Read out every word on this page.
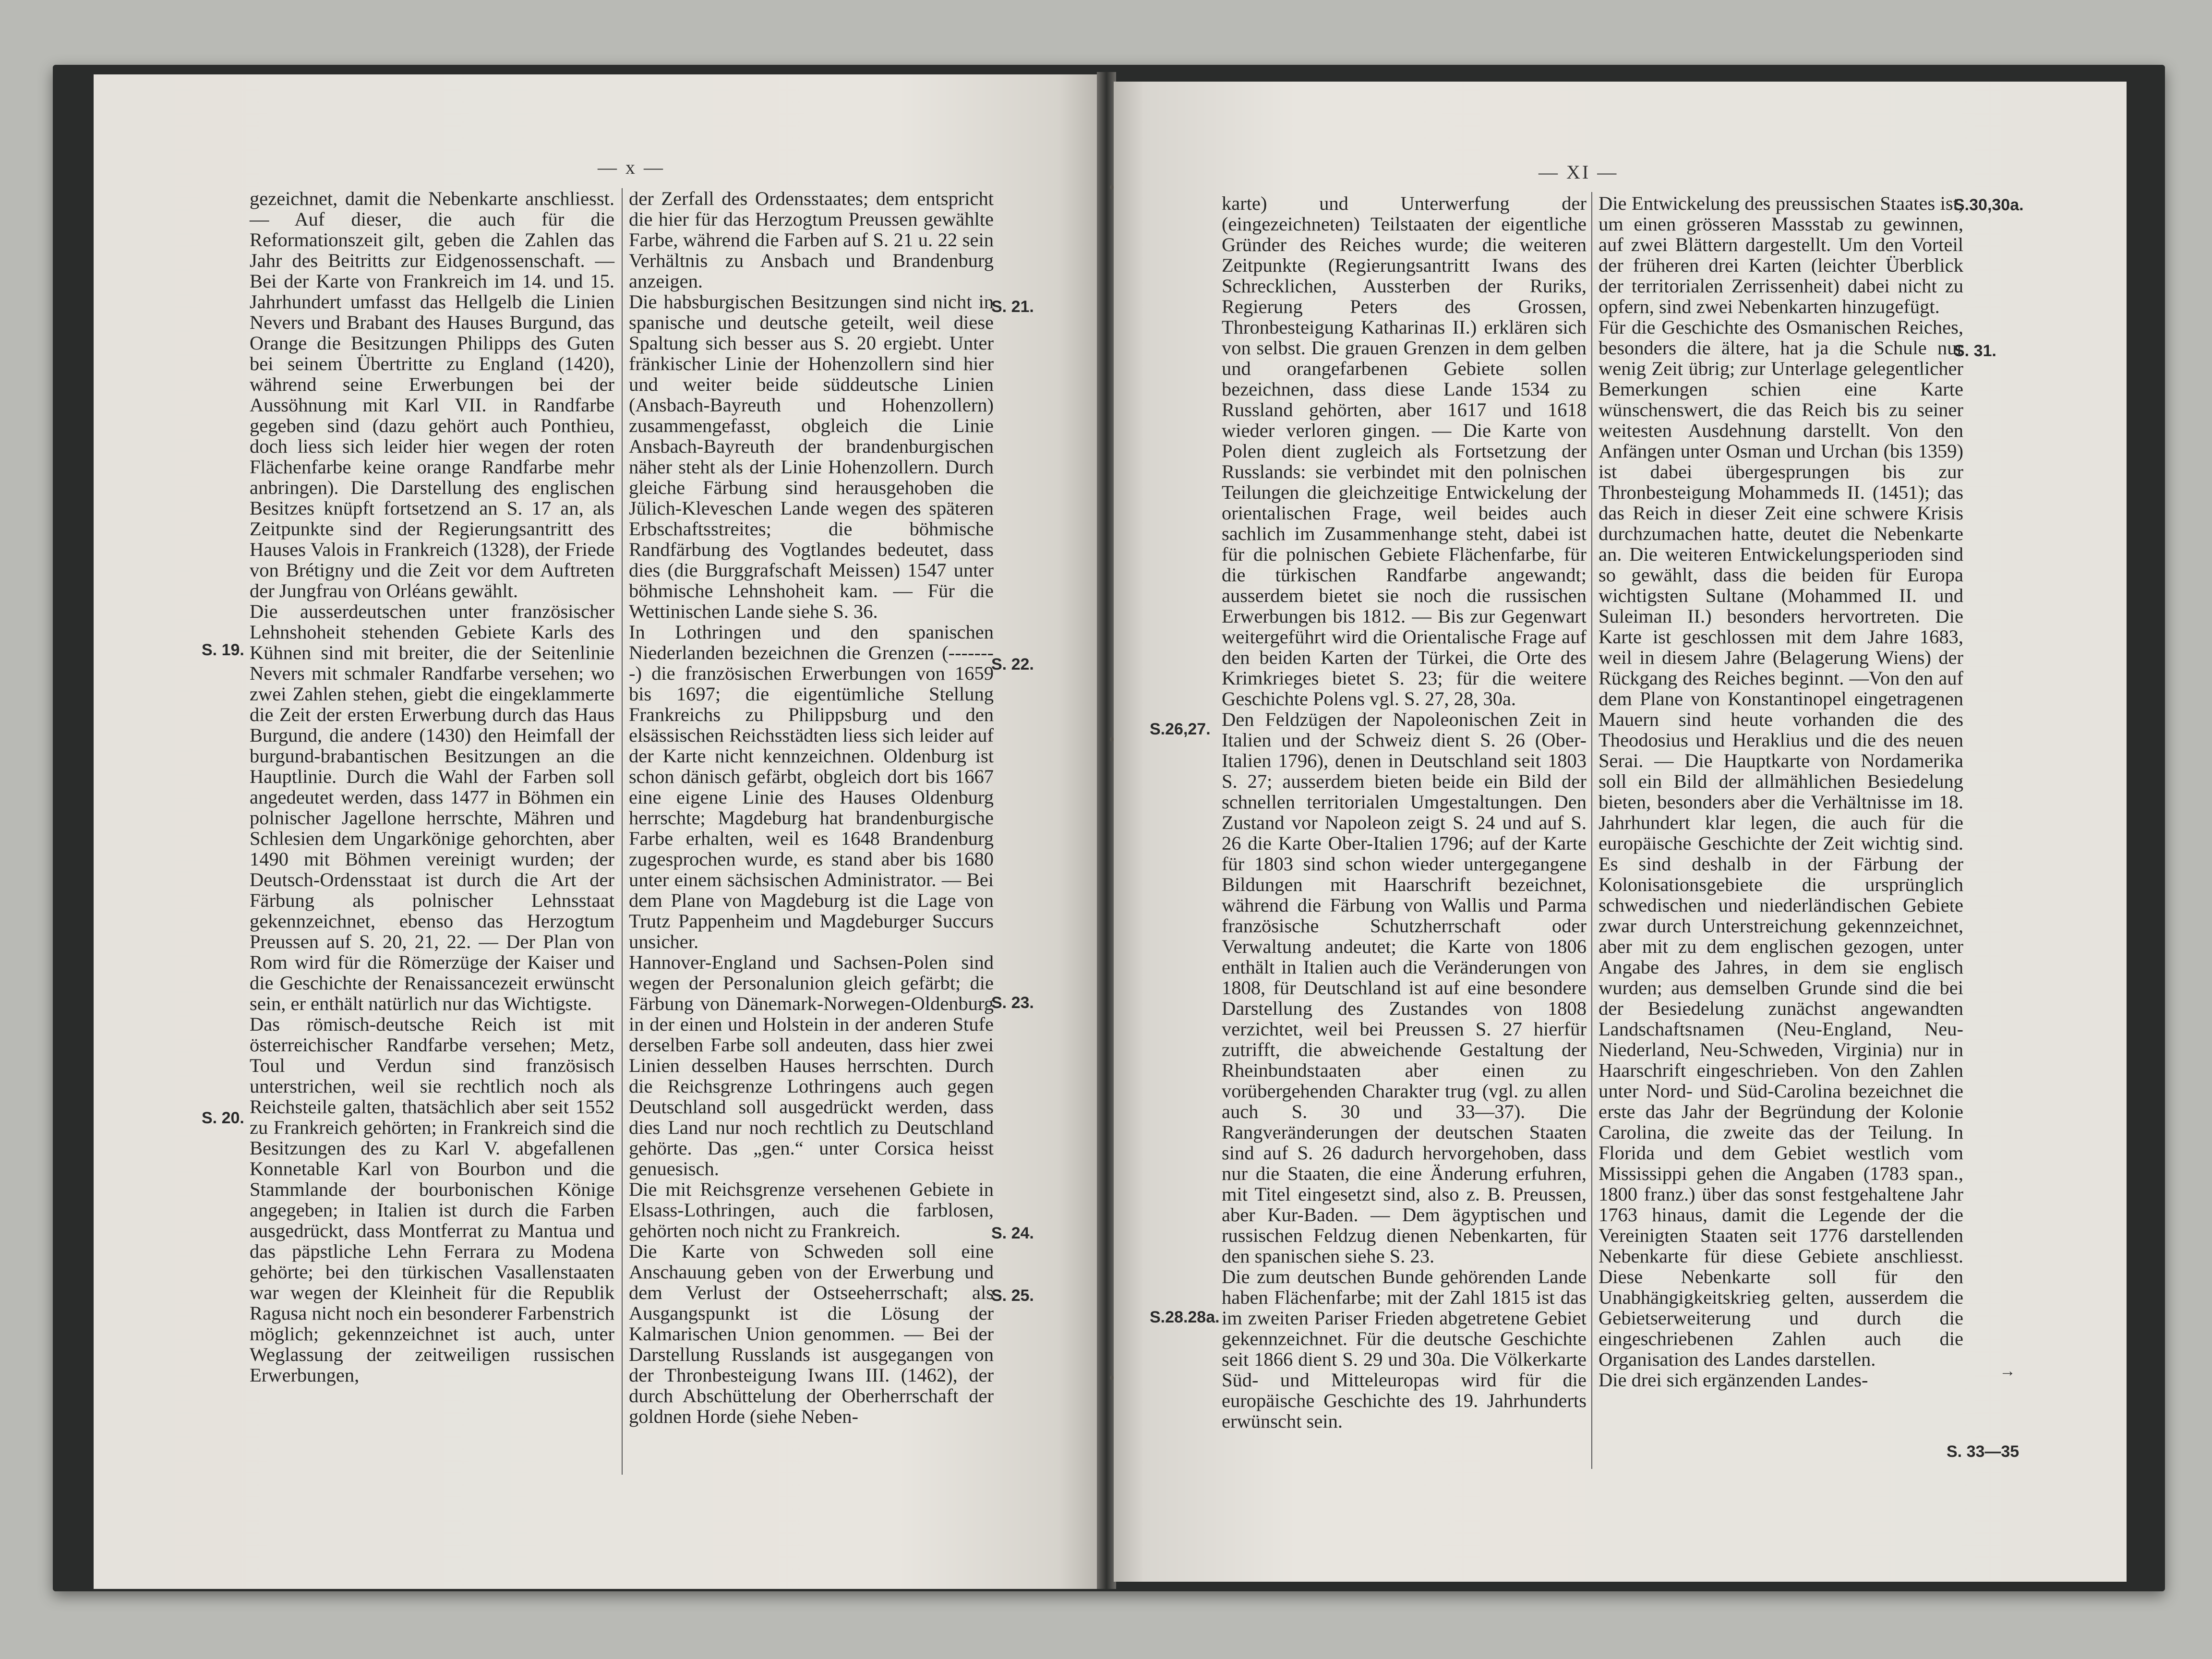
— x —	— XI —
gezeichnet, damit die Nebenkarte anschliesst. — Auf dieser, die auch für die Reformationszeit gilt, geben die Zahlen das Jahr des Beitritts zur Eidgenossenschaft. — Bei der Karte von Frankreich im 14. und 15. Jahrhundert umfasst das Hellgelb die Linien Nevers und Brabant des Hauses Burgund, das Orange die Besitzungen Philipps des Guten bei seinem Übertritte zu England (1420), während seine Erwerbungen bei der Aussöhnung mit Karl VII. in Randfarbe gegeben sind (dazu gehört auch Ponthieu, doch liess sich leider hier wegen der roten Flächenfarbe keine orange Randfarbe mehr anbringen). Die Darstellung des englischen Besitzes knüpft fortsetzend an S. 17 an, als Zeitpunkte sind der Regierungsantritt des Hauses Valois in Frankreich (1328), der Friede von Brétigny und die Zeit vor dem Auftreten der Jungfrau von Orléans gewählt.
Die ausserdeutschen unter französischer Lehnshoheit stehenden Gebiete Karls des Kühnen sind mit breiter, die der Seitenlinie Nevers mit schmaler Randfarbe versehen; wo zwei Zahlen stehen, giebt die eingeklammerte die Zeit der ersten Erwerbung durch das Haus Burgund, die andere (1430) den Heimfall der burgund-brabantischen Besitzungen an die Hauptlinie. Durch die Wahl der Farben soll angedeutet werden, dass 1477 in Böhmen ein polnischer Jagellone herrschte, Mähren und Schlesien dem Ungarkönige gehorchten, aber 1490 mit Böhmen vereinigt wurden; der Deutsch-Ordensstaat ist durch die Art der Färbung als polnischer Lehnsstaat gekennzeichnet, ebenso das Herzogtum Preussen auf S. 20, 21, 22. — Der Plan von Rom wird für die Römerzüge der Kaiser und die Geschichte der Renaissancezeit erwünscht sein, er enthält natürlich nur das Wichtigste.
Das römisch-deutsche Reich ist mit österreichischer Randfarbe versehen; Metz, Toul und Verdun sind französisch unterstrichen, weil sie rechtlich noch als Reichsteile galten, thatsächlich aber seit 1552 zu Frankreich gehörten; in Frankreich sind die Besitzungen des zu Karl V. abgefallenen Konnetable Karl von Bourbon und die Stammlande der bourbonischen Könige angegeben; in Italien ist durch die Farben ausgedrückt, dass Montferrat zu Mantua und das päpstliche Lehn Ferrara zu Modena gehörte; bei den türkischen Vasallenstaaten war wegen der Kleinheit für die Republik Ragusa nicht noch ein besonderer Farbenstrich möglich; gekennzeichnet ist auch, unter Weglassung der zeitweiligen russischen Erwerbungen,
der Zerfall des Ordensstaates; dem entspricht die hier für das Herzogtum Preussen gewählte Farbe, während die Farben auf S. 21 u. 22 sein Verhältnis zu Ansbach und Brandenburg anzeigen.
Die habsburgischen Besitzungen sind nicht in spanische und deutsche geteilt, weil diese Spaltung sich besser aus S. 20 ergiebt. Unter fränkischer Linie der Hohenzollern sind hier und weiter beide süddeutsche Linien (Ansbach-Bayreuth und Hohenzollern) zusammengefasst, obgleich die Linie Ansbach-Bayreuth der brandenburgischen näher steht als der Linie Hohenzollern. Durch gleiche Färbung sind herausgehoben die Jülich-Kleveschen Lande wegen des späteren Erbschaftsstreites; die böhmische Randfärbung des Vogtlandes bedeutet, dass dies (die Burggrafschaft Meissen) 1547 unter böhmische Lehnshoheit kam. — Für die Wettinischen Lande siehe S. 36.
In Lothringen und den spanischen Niederlanden bezeichnen die Grenzen (--------) die französischen Erwerbungen von 1659 bis 1697; die eigentümliche Stellung Frankreichs zu Philippsburg und den elsässischen Reichsstädten liess sich leider auf der Karte nicht kennzeichnen. Oldenburg ist schon dänisch gefärbt, obgleich dort bis 1667 eine eigene Linie des Hauses Oldenburg herrschte; Magdeburg hat brandenburgische Farbe erhalten, weil es 1648 Brandenburg zugesprochen wurde, es stand aber bis 1680 unter einem sächsischen Administrator. — Bei dem Plane von Magdeburg ist die Lage von Trutz Pappenheim und Magdeburger Succurs unsicher.
Hannover-England und Sachsen-Polen sind wegen der Personalunion gleich gefärbt; die Färbung von Dänemark-Norwegen-Oldenburg in der einen und Holstein in der anderen Stufe derselben Farbe soll andeuten, dass hier zwei Linien desselben Hauses herrschten. Durch die Reichsgrenze Lothringens auch gegen Deutschland soll ausgedrückt werden, dass dies Land nur noch rechtlich zu Deutschland gehörte. Das „gen.“ unter Corsica heisst genuesisch.
Die mit Reichsgrenze versehenen Gebiete in Elsass-Lothringen, auch die farblosen, gehörten noch nicht zu Frankreich.
Die Karte von Schweden soll eine Anschauung geben von der Erwerbung und dem Verlust der Ostseeherrschaft; als Ausgangspunkt ist die Lösung der Kalmarischen Union genommen. — Bei der Darstellung Russlands ist ausgegangen von der Thronbesteigung Iwans III. (1462), der durch Abschüttelung der Oberherrschaft der goldnen Horde (siehe Neben-
karte) und Unterwerfung der (eingezeichneten) Teilstaaten der eigentliche Gründer des Reiches wurde; die weiteren Zeitpunkte (Regierungsantritt Iwans des Schrecklichen, Aussterben der Ruriks, Regierung Peters des Grossen, Thronbesteigung Katharinas II.) erklären sich von selbst. Die grauen Grenzen in dem gelben und orangefarbenen Gebiete sollen bezeichnen, dass diese Lande 1534 zu Russland gehörten, aber 1617 und 1618 wieder verloren gingen. — Die Karte von Polen dient zugleich als Fortsetzung der Russlands: sie verbindet mit den polnischen Teilungen die gleichzeitige Entwickelung der orientalischen Frage, weil beides auch sachlich im Zusammenhange steht, dabei ist für die polnischen Gebiete Flächenfarbe, für die türkischen Randfarbe angewandt; ausserdem bietet sie noch die russischen Erwerbungen bis 1812. — Bis zur Gegenwart weitergeführt wird die Orientalische Frage auf den beiden Karten der Türkei, die Orte des Krimkrieges bietet S. 23; für die weitere Geschichte Polens vgl. S. 27, 28, 30a.
Den Feldzügen der Napoleonischen Zeit in Italien und der Schweiz dient S. 26 (Ober-Italien 1796), denen in Deutschland seit 1803 S. 27; ausserdem bieten beide ein Bild der schnellen territorialen Umgestaltungen. Den Zustand vor Napoleon zeigt S. 24 und auf S. 26 die Karte Ober-Italien 1796; auf der Karte für 1803 sind schon wieder untergegangene Bildungen mit Haarschrift bezeichnet, während die Färbung von Wallis und Parma französische Schutzherrschaft oder Verwaltung andeutet; die Karte von 1806 enthält in Italien auch die Veränderungen von 1808, für Deutschland ist auf eine besondere Darstellung des Zustandes von 1808 verzichtet, weil bei Preussen S. 27 hierfür zutrifft, die abweichende Gestaltung der Rheinbundstaaten aber einen zu vorübergehenden Charakter trug (vgl. zu allen auch S. 30 und 33—37). Die Rangveränderungen der deutschen Staaten sind auf S. 26 dadurch hervorgehoben, dass nur die Staaten, die eine Änderung erfuhren, mit Titel eingesetzt sind, also z. B. Preussen, aber Kur-Baden. — Dem ägyptischen und russischen Feldzug dienen Nebenkarten, für den spanischen siehe S. 23.
Die zum deutschen Bunde gehörenden Lande haben Flächenfarbe; mit der Zahl 1815 ist das im zweiten Pariser Frieden abgetretene Gebiet gekennzeichnet. Für die deutsche Geschichte seit 1866 dient S. 29 und 30a. Die Völkerkarte Süd- und Mitteleuropas wird für die europäische Geschichte des 19. Jahrhunderts erwünscht sein.
Die Entwickelung des preussischen Staates ist, um einen grösseren Massstab zu gewinnen, auf zwei Blättern dargestellt. Um den Vorteil der früheren drei Karten (leichter Überblick der territorialen Zerrissenheit) dabei nicht zu opfern, sind zwei Nebenkarten hinzugefügt.
Für die Geschichte des Osmanischen Reiches, besonders die ältere, hat ja die Schule nur wenig Zeit übrig; zur Unterlage gelegentlicher Bemerkungen schien eine Karte wünschenswert, die das Reich bis zu seiner weitesten Ausdehnung darstellt. Von den Anfängen unter Osman und Urchan (bis 1359) ist dabei übergesprungen bis zur Thronbesteigung Mohammeds II. (1451); das das Reich in dieser Zeit eine schwere Krisis durchzumachen hatte, deutet die Nebenkarte an. Die weiteren Entwickelungsperioden sind so gewählt, dass die beiden für Europa wichtigsten Sultane (Mohammed II. und Suleiman II.) besonders hervortreten. Die Karte ist geschlossen mit dem Jahre 1683, weil in diesem Jahre (Belagerung Wiens) der Rückgang des Reiches beginnt. —Von den auf dem Plane von Konstantinopel eingetragenen Mauern sind heute vorhanden die des Theodosius und Heraklius und die des neuen Serai. — Die Hauptkarte von Nordamerika soll ein Bild der allmählichen Besiedelung bieten, besonders aber die Verhältnisse im 18. Jahrhundert klar legen, die auch für die europäische Geschichte der Zeit wichtig sind. Es sind deshalb in der Färbung der Kolonisationsgebiete die ursprünglich schwedischen und niederländischen Gebiete zwar durch Unterstreichung gekennzeichnet, aber mit zu dem englischen gezogen, unter Angabe des Jahres, in dem sie englisch wurden; aus demselben Grunde sind die bei der Besiedelung zunächst angewandten Landschaftsnamen (Neu-England, Neu-Niederland, Neu-Schweden, Virginia) nur in Haarschrift eingeschrieben. Von den Zahlen unter Nord- und Süd-Carolina bezeichnet die erste das Jahr der Begründung der Kolonie Carolina, die zweite das der Teilung. In Florida und dem Gebiet westlich vom Mississippi gehen die Angaben (1783 span., 1800 franz.) über das sonst festgehaltene Jahr 1763 hinaus, damit die Legende der die Vereinigten Staaten seit 1776 darstellenden Nebenkarte für diese Gebiete anschliesst. Diese Nebenkarte soll für den Unabhängigkeitskrieg gelten, ausserdem die Gebietserweiterung und durch die eingeschriebenen Zahlen auch die Organisation des Landes darstellen.
Die drei sich ergänzenden Landes-
S. 19.
S. 20.
S. 21.
S. 22.
S. 23.
S. 24.
S. 25.
S.26,27.
S.28.28a.
S.30,30a.
S. 31.
S. 33—35
→
